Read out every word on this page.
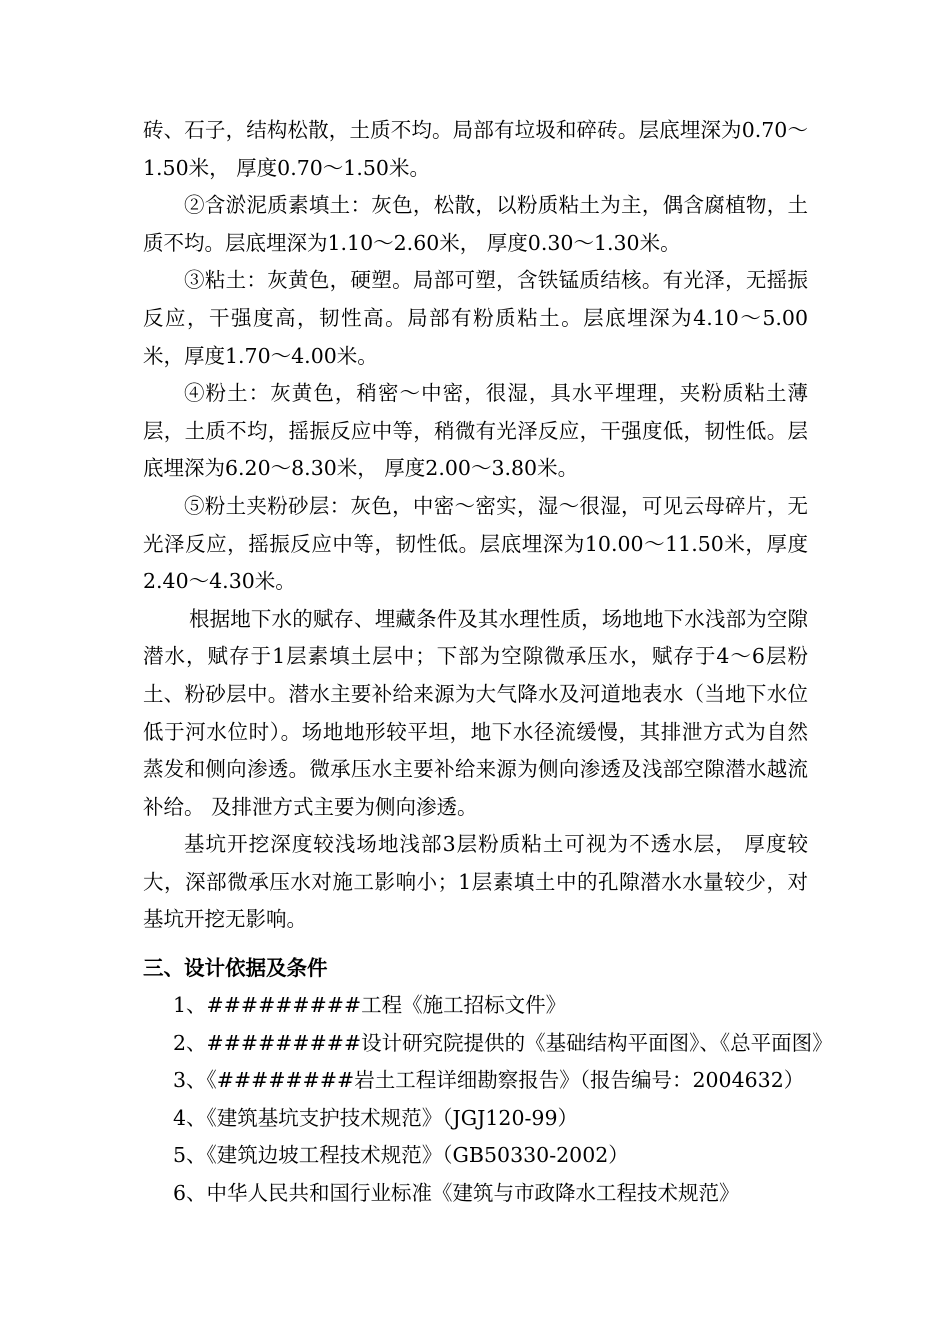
砖、石子，结构松散，土质不均。局部有垃圾和碎砖。层底埋深为0.70～1.50米， 厚度0.70～1.50米。

②含淤泥质素填土：灰色，松散，以粉质粘土为主，偶含腐植物，土质不均。层底埋深为1.10～2.60米， 厚度0.30～1.30米。

③粘土：灰黄色，硬塑。局部可塑，含铁锰质结核。有光泽，无摇振反应，干强度高，韧性高。局部有粉质粘土。层底埋深为4.10～5.00米，厚度1.70～4.00米。

④粉土：灰黄色，稍密～中密，很湿，具水平埋理，夹粉质粘土薄层，土质不均，摇振反应中等，稍微有光泽反应，干强度低，韧性低。层底埋深为6.20～8.30米， 厚度2.00～3.80米。

⑤粉土夹粉砂层：灰色，中密～密实，湿～很湿，可见云母碎片，无光泽反应，摇振反应中等，韧性低。层底埋深为10.00～11.50米，厚度2.40～4.30米。

根据地下水的赋存、埋藏条件及其水理性质，场地地下水浅部为空隙潜水，赋存于1层素填土层中；下部为空隙微承压水，赋存于4～6层粉土、粉砂层中。潜水主要补给来源为大气降水及河道地表水（当地下水位低于河水位时）。场地地形较平坦，地下水径流缓慢，其排泄方式为自然蒸发和侧向渗透。微承压水主要补给来源为侧向渗透及浅部空隙潜水越流补给。 及排泄方式主要为侧向渗透。

基坑开挖深度较浅场地浅部3层粉质粘土可视为不透水层， 厚度较大，深部微承压水对施工影响小；1层素填土中的孔隙潜水水量较少，对基坑开挖无影响。

三、设计依据及条件

1、#########工程《施工招标文件》

2、#########设计研究院提供的《基础结构平面图》、《总平面图》

3、《########岩土工程详细勘察报告》（报告编号：2004632）

4、《建筑基坑支护技术规范》（JGJ120-99）

5、《建筑边坡工程技术规范》（GB50330-2002）

6、中华人民共和国行业标准《建筑与市政降水工程技术规范》
